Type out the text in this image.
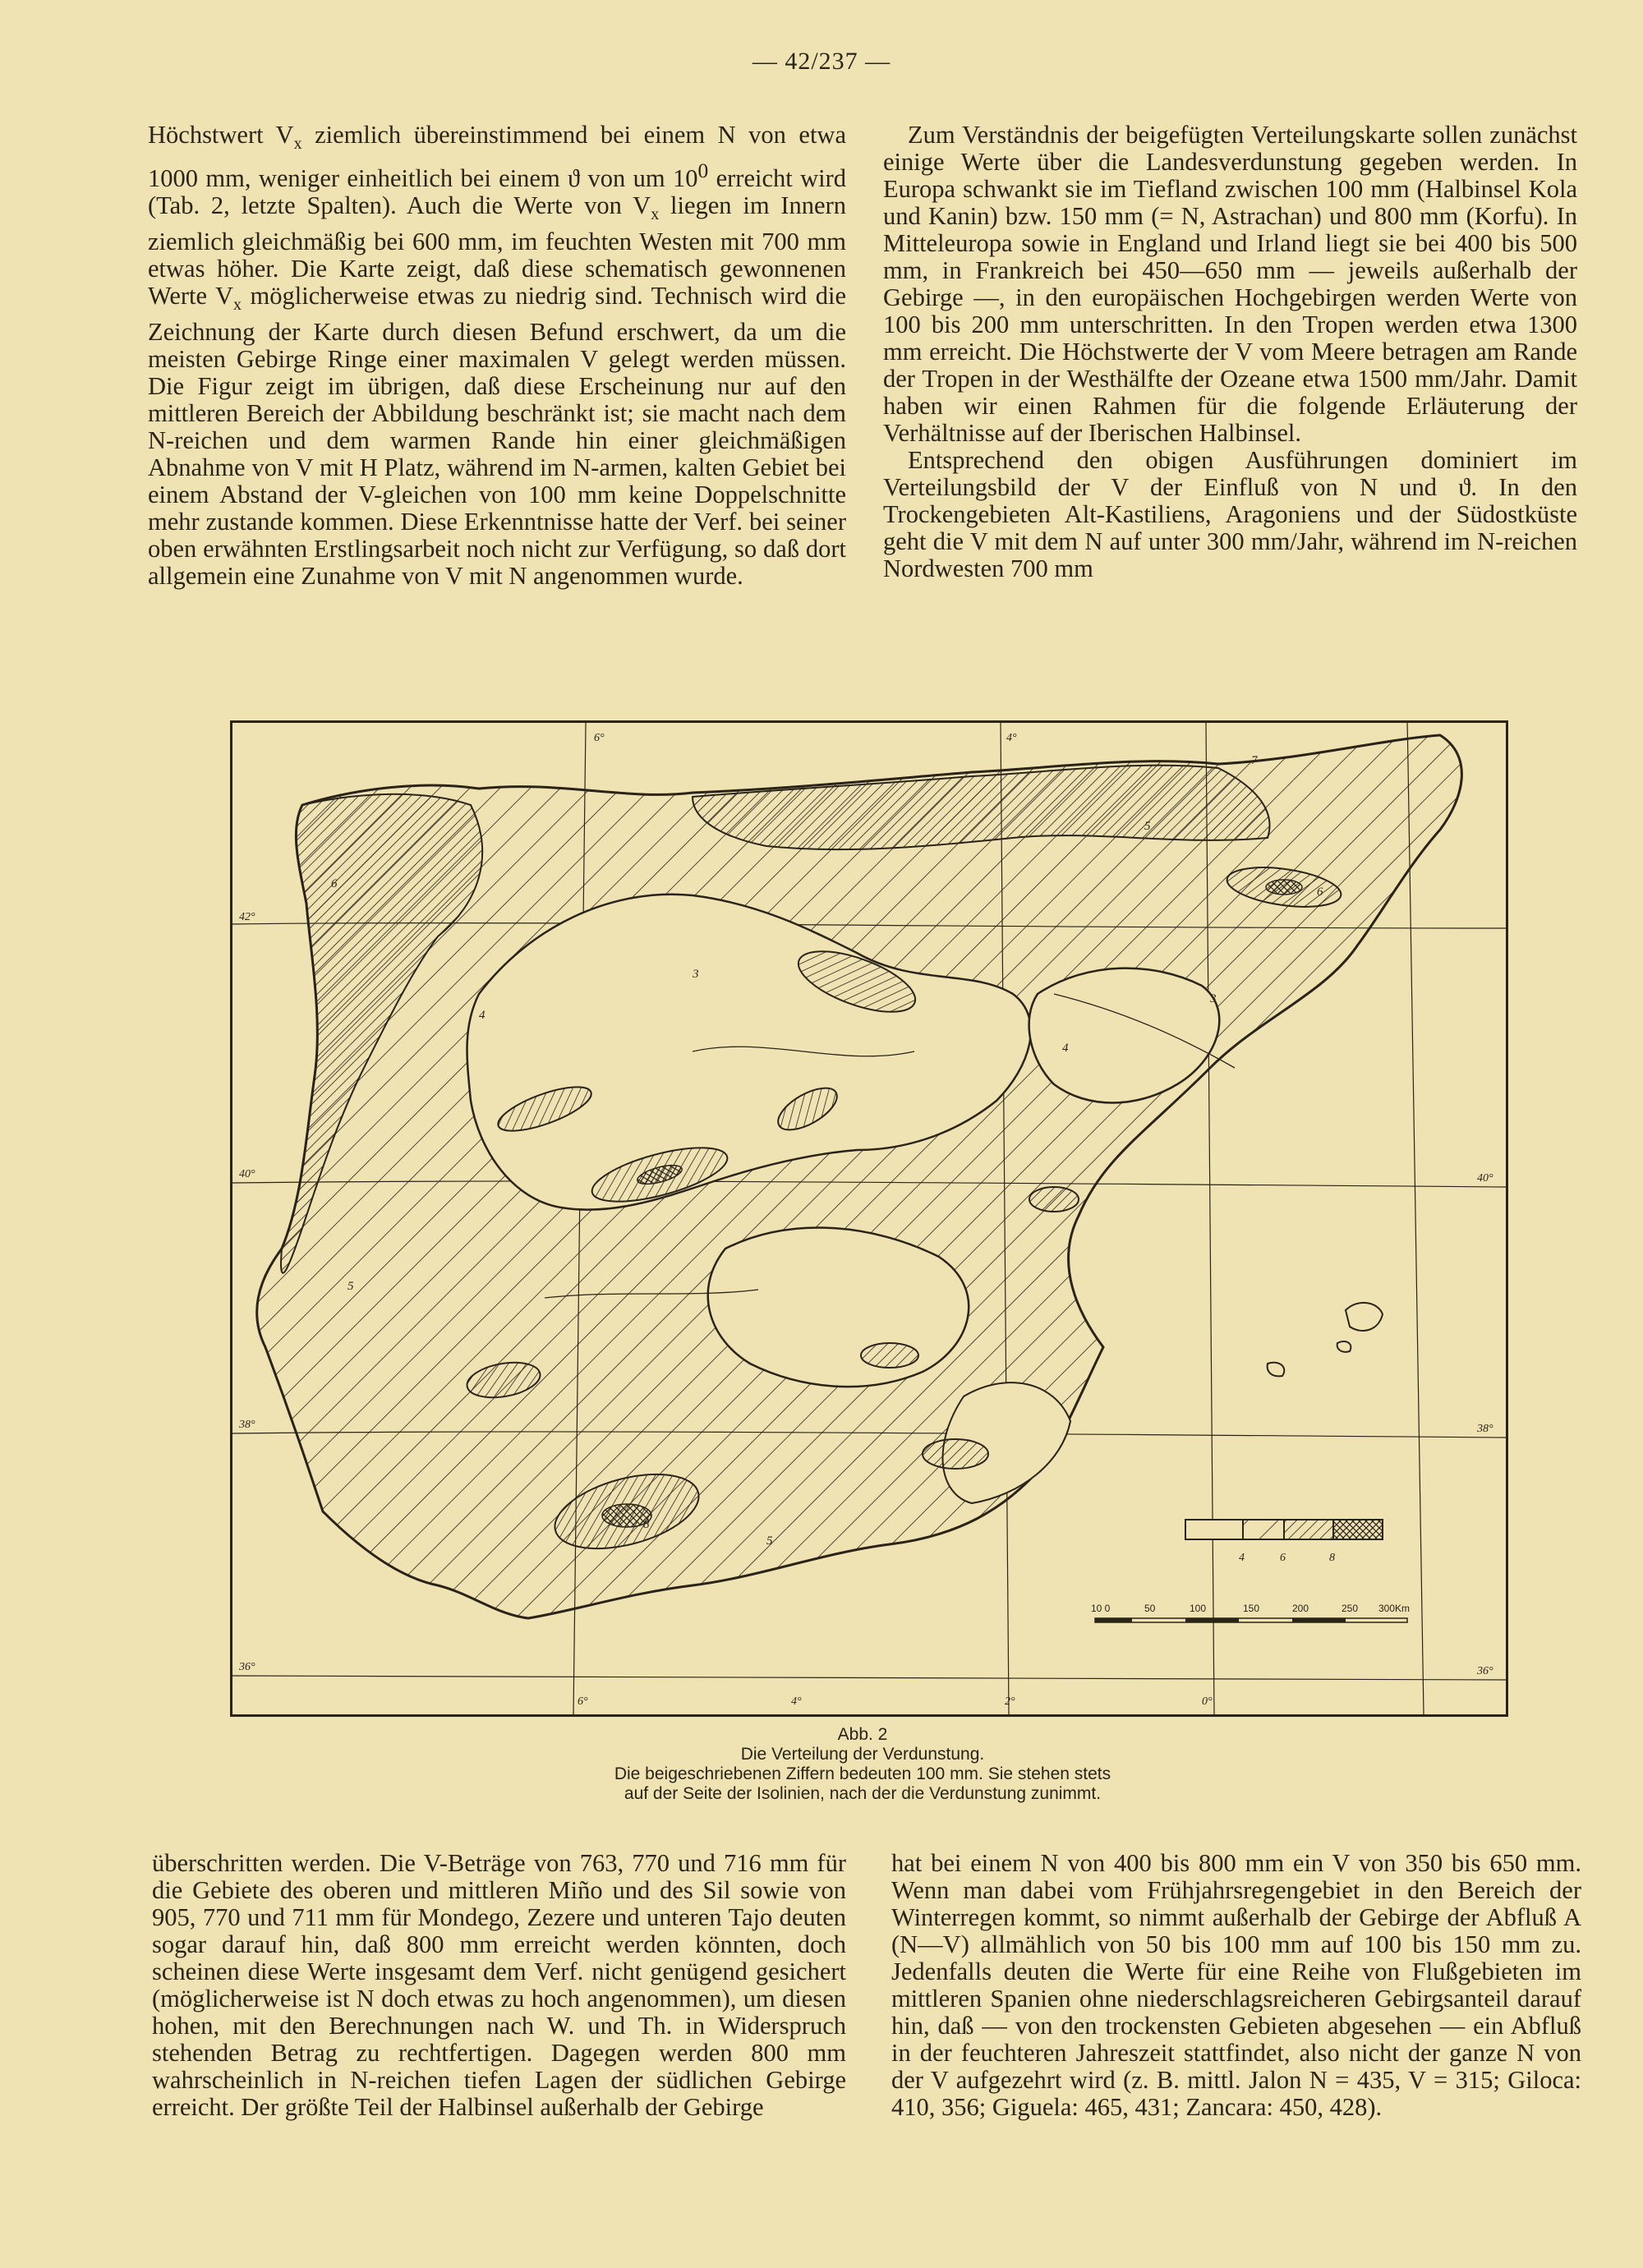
— 42/237 —

Höchstwert $V_x$ ziemlich übereinstimmend bei einem N von etwa 1000 mm, weniger einheitlich bei einem ϑ von um $10^0$ erreicht wird (Tab. 2, letzte Spalten). Auch die Werte von $V_x$ liegen im Innern ziemlich gleichmäßig bei 600 mm, im feuchten Westen mit 700 mm etwas höher. Die Karte zeigt, daß diese schematisch gewonnenen Werte $V_x$ möglicherweise etwas zu niedrig sind. Technisch wird die Zeichnung der Karte durch diesen Befund erschwert, da um die meisten Gebirge Ringe einer maximalen V gelegt werden müssen. Die Figur zeigt im übrigen, daß diese Erscheinung nur auf den mittleren Bereich der Abbildung beschränkt ist; sie macht nach dem N-reichen und dem warmen Rande hin einer gleichmäßigen Abnahme von V mit H Platz, während im N-armen, kalten Gebiet bei einem Abstand der V-gleichen von 100 mm keine Doppelschnitte mehr zustande kommen. Diese Erkenntnisse hatte der Verf. bei seiner oben erwähnten Erstlingsarbeit noch nicht zur Verfügung, so daß dort allgemein eine Zunahme von V mit N angenommen wurde.

Zum Verständnis der beigefügten Verteilungskarte sollen zunächst einige Werte über die Landesverdunstung gegeben werden. In Europa schwankt sie im Tiefland zwischen 100 mm (Halbinsel Kola und Kanin) bzw. 150 mm (= N, Astrachan) und 800 mm (Korfu). In Mitteleuropa sowie in England und Irland liegt sie bei 400 bis 500 mm, in Frankreich bei 450—650 mm — jeweils außerhalb der Gebirge —, in den europäischen Hochgebirgen werden Werte von 100 bis 200 mm unterschritten. In den Tropen werden etwa 1300 mm erreicht. Die Höchstwerte der V vom Meere betragen am Rande der Tropen in der Westhälfte der Ozeane etwa 1500 mm/Jahr. Damit haben wir einen Rahmen für die folgende Erläuterung der Verhältnisse auf der Iberischen Halbinsel.

Entsprechend den obigen Ausführungen dominiert im Verteilungsbild der V der Einfluß von N und ϑ. In den Trockengebieten Alt-Kastiliens, Aragoniens und der Südostküste geht die V mit dem N auf unter 300 mm/Jahr, während im N-reichen Nordwesten 700 mm

42°
40°
38°
36°
40°
38°
36°
6°	4°
6°	4°	2°	0°
3
3
4
4
5
5
5
6
6
7
8
4	6	8
10 0	50	100	150	200	250 300Km
Abb. 2
Die Verteilung der Verdunstung.
Die beigeschriebenen Ziffern bedeuten 100 mm. Sie stehen stets
auf der Seite der Isolinien, nach der die Verdunstung zunimmt.

überschritten werden. Die V-Beträge von 763, 770 und 716 mm für die Gebiete des oberen und mittleren Miño und des Sil sowie von 905, 770 und 711 mm für Mondego, Zezere und unteren Tajo deuten sogar darauf hin, daß 800 mm erreicht werden könnten, doch scheinen diese Werte insgesamt dem Verf. nicht genügend gesichert (möglicherweise ist N doch etwas zu hoch angenommen), um diesen hohen, mit den Berechnungen nach W. und Th. in Widerspruch stehenden Betrag zu rechtfertigen. Dagegen werden 800 mm wahrscheinlich in N-reichen tiefen Lagen der südlichen Gebirge erreicht. Der größte Teil der Halbinsel außerhalb der Gebirge

hat bei einem N von 400 bis 800 mm ein V von 350 bis 650 mm. Wenn man dabei vom Frühjahrsregengebiet in den Bereich der Winterregen kommt, so nimmt außerhalb der Gebirge der Abfluß A (N—V) allmählich von 50 bis 100 mm auf 100 bis 150 mm zu. Jedenfalls deuten die Werte für eine Reihe von Flußgebieten im mittleren Spanien ohne niederschlagsreicheren Gebirgsanteil darauf hin, daß — von den trockensten Gebieten abgesehen — ein Abfluß in der feuchteren Jahreszeit stattfindet, also nicht der ganze N von der V aufgezehrt wird (z. B. mittl. Jalon N = 435, V = 315; Giloca: 410, 356; Giguela: 465, 431; Zancara: 450, 428).
